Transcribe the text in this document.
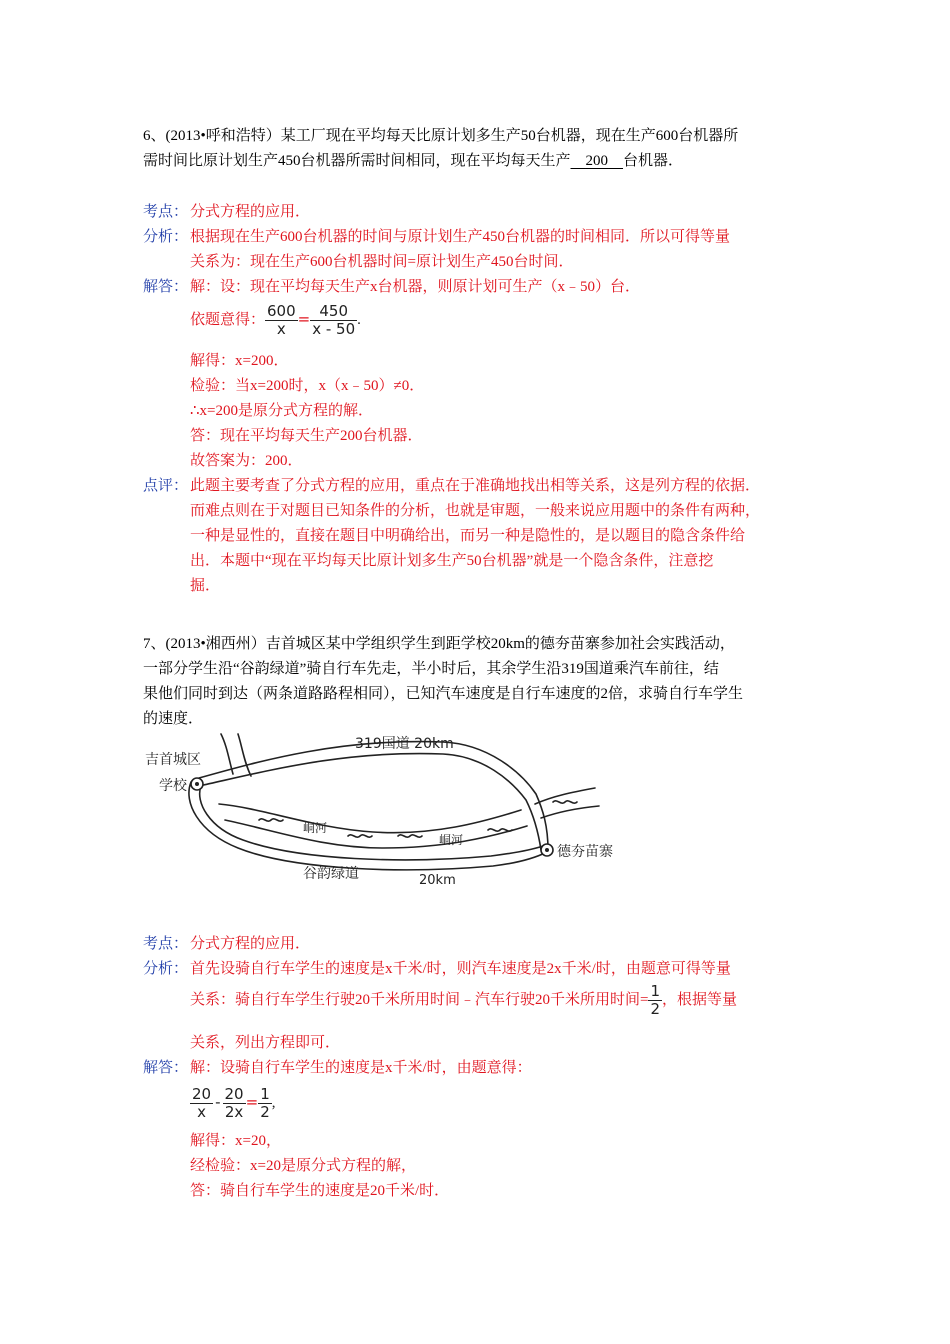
6、(2013•呼和浩特）某工厂现在平均每天比原计划多生产50台机器，现在生产600台机器所
需时间比原计划生产450台机器所需时间相同，现在平均每天生产 200 台机器．
考点： 分式方程的应用．
分析： 根据现在生产600台机器的时间与原计划生产450台机器的时间相同．所以可得等量
关系为：现在生产600台机器时间=原计划生产450台时间．
解答： 解：设：现在平均每天生产x台机器，则原计划可生产（x﹣50）台．
依题意得： $\frac{600}{x} = \frac{450}{x - 50}$ .
解得：x=200．
检验：当x=200时，x（x﹣50）≠0．
∴x=200是原分式方程的解．
答：现在平均每天生产200台机器．
故答案为：200．
点评： 此题主要考查了分式方程的应用，重点在于准确地找出相等关系，这是列方程的依据．
而难点则在于对题目已知条件的分析，也就是审题，一般来说应用题中的条件有两种，
一种是显性的，直接在题目中明确给出，而另一种是隐性的，是以题目的隐含条件给
出．本题中“现在平均每天比原计划多生产50台机器”就是一个隐含条件，注意挖
掘．
7、(2013•湘西州）吉首城区某中学组织学生到距学校20km的德夯苗寨参加社会实践活动，
一部分学生沿“谷韵绿道”骑自行车先走，半小时后，其余学生沿319国道乘汽车前往，结
果他们同时到达（两条道路路程相同），已知汽车速度是自行车速度的2倍，求骑自行车学生
的速度．
吉首城区
学校
319国道 20km
峒河
峒河
德夯苗寨
谷韵绿道	20km
考点： 分式方程的应用．
分析： 首先设骑自行车学生的速度是x千米/时，则汽车速度是2x千米/时，由题意可得等量
关系：骑自行车学生行驶20千米所用时间﹣汽车行驶20千米所用时间= $\frac{1}{2}$ ，根据等量
关系，列出方程即可．
解答： 解：设骑自行车学生的速度是x千米/时，由题意得：
$\frac{20}{x} - \frac{20}{2x} = \frac{1}{2}$ ,
解得：x=20，
经检验：x=20是原分式方程的解，
答：骑自行车学生的速度是20千米/时．
